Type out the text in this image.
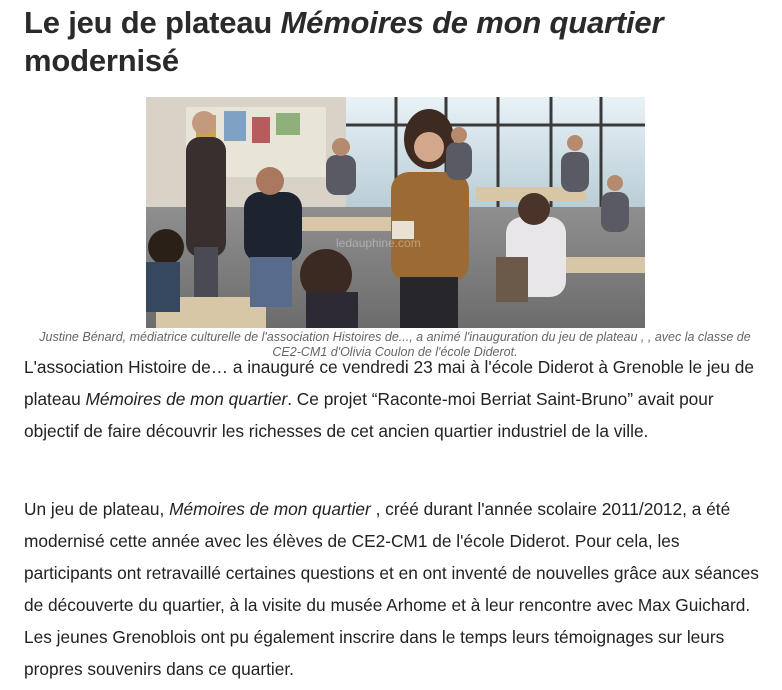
Le jeu de plateau Mémoires de mon quartier
modernisé
ledauphine.com

Justine Bénard, médiatrice culturelle de l'association Histoires de..., a animé l'inauguration du jeu de plateau , , avec la classe de CE2-CM1 d'Olivia Coulon de l'école Diderot.

L'association Histoire de… a inauguré ce vendredi 23 mai à l'école Diderot à Grenoble le jeu de plateau Mémoires de mon quartier. Ce projet “Raconte-moi Berriat Saint-Bruno” avait pour objectif de faire découvrir les richesses de cet ancien quartier industriel de la ville.

Un jeu de plateau, Mémoires de mon quartier , créé durant l'année scolaire 2011/2012, a été modernisé cette année avec les élèves de CE2-CM1 de l'école Diderot. Pour cela, les participants ont retravaillé certaines questions et en ont inventé de nouvelles grâce aux séances de découverte du quartier, à la visite du musée Arhome et à leur rencontre avec Max Guichard. Les jeunes Grenoblois ont pu également inscrire dans le temps leurs témoignages sur leurs propres souvenirs dans ce quartier.
